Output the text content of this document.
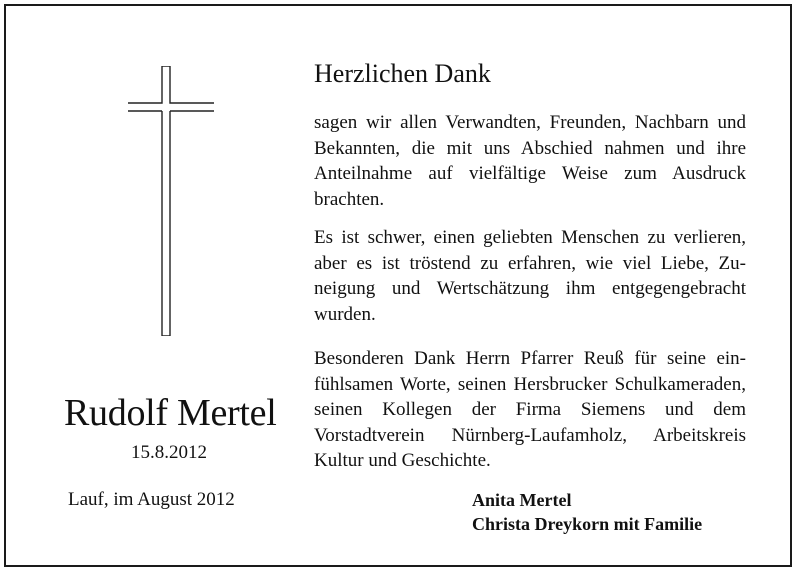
Rudolf Mertel
15.8.2012
Lauf, im August 2012
Herzlichen Dank

sagen wir allen Verwandten, Freunden, Nachbarn und Bekannten, die mit uns Abschied nahmen und ihre Anteilnahme auf vielfältige Weise zum Ausdruck brachten.

Es ist schwer, einen geliebten Menschen zu verlieren, aber es ist tröstend zu erfahren, wie viel Liebe, Zuneigung und Wertschätzung ihm entgegengebracht wurden.

Besonderen Dank Herrn Pfarrer Reuß für seine einfühlsamen Worte, seinen Hersbrucker Schulkameraden, seinen Kollegen der Firma Siemens und dem Vorstadtverein Nürnberg-Laufamholz, Arbeitskreis Kultur und Geschichte.

Anita Mertel
Christa Dreykorn mit Familie
